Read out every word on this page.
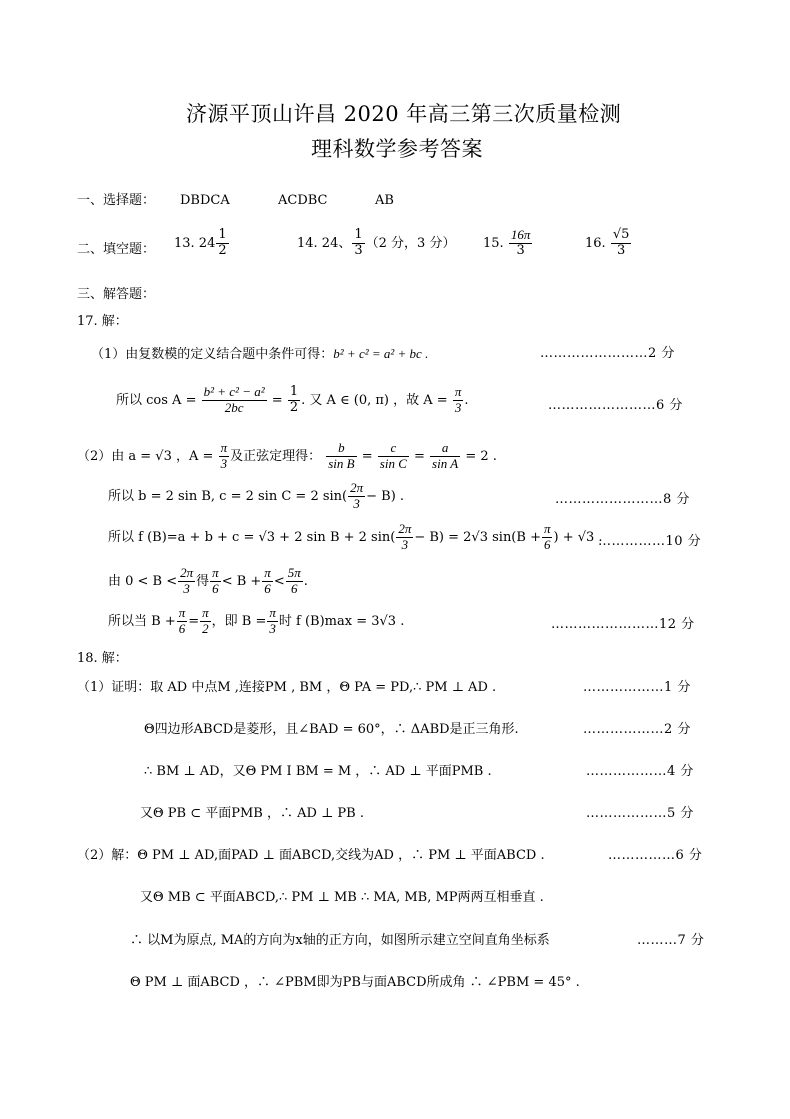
济源平顶山许昌 2020 年高三第三次质量检测
理科数学参考答案
一、选择题： DBDCA	ACDBC	AB
二、填空题： 13. $24 \frac{1}{2}$	14. 24、 $\frac{1}{3} (2$ 分，3 分） 15. $\frac{16\pi}{3}$	16. $\frac{√5}{3}$
三、解答题：
17. 解：
（1）由复数模的定义结合题中条件可得：b² + c² = a² + bc .	……………………2 分
所以 $\cos A = \frac{\text{b² + c² − a²}}{2bc} = \frac{1}{2}$ . 又 A ∈ (0, π) ，故 $A = \frac{\pi}{3}$ .	……………………6 分
（2）由 a = √3 ，$A = \frac{\pi}{3}$ 及正弦定理得： $\frac{b}{\text{sin B}} = \frac{c}{\text{sin C}} = \frac{a}{\text{sin A}} = 2$ .
所以 b = 2 sin B, c = 2 sin C = 2 $\sin( \frac{2\pi}{3} - B)$ .	……………………8 分
所以 f (B)=a + b + c = √3 + 2 sin B + 2 $\sin( \frac{2\pi}{3} - B) = 2√3$ $\sin(B + \frac{\pi}{6}$ ) + √3 .
……………10 分
由 $0 < B < \frac{2\pi}{3}$ 得 $\frac{\pi}{6} < B + \frac{\pi}{6} < \frac{5\pi}{6}$ .
所以当 $B + \frac{\pi}{6} = \frac{\pi}{2}$ ，即 $B = \frac{\pi}{3}$ 时 f (B)max = 3√3 .	……………………12 分
18. 解：
（1）证明：取 AD 中点M ,连接PM , BM ，Θ PA = PD,∴ PM ⊥ AD .	………………1 分
Θ四边形ABCD是菱形，且∠BAD = 60°，∴ ΔABD是正三角形.	………………2 分
∴ BM ⊥ AD，又Θ PM I BM = M ，∴ AD ⊥ 平面PMB .	………………4 分
又Θ PB ⊂ 平面PMB ，∴ AD ⊥ PB .	………………5 分
（2）解：Θ PM ⊥ AD,面PAD ⊥ 面ABCD,交线为AD ，∴ PM ⊥ 平面ABCD .	……………6 分
又Θ MB ⊂ 平面ABCD,∴ PM ⊥ MB ∴ MA, MB, MP两两互相垂直 .
∴ 以M为原点, MA的方向为x轴的正方向，如图所示建立空间直角坐标系	………7 分
Θ PM ⊥ 面ABCD ，∴ ∠PBM即为PB与面ABCD所成角 ∴ ∠PBM = 45° .
